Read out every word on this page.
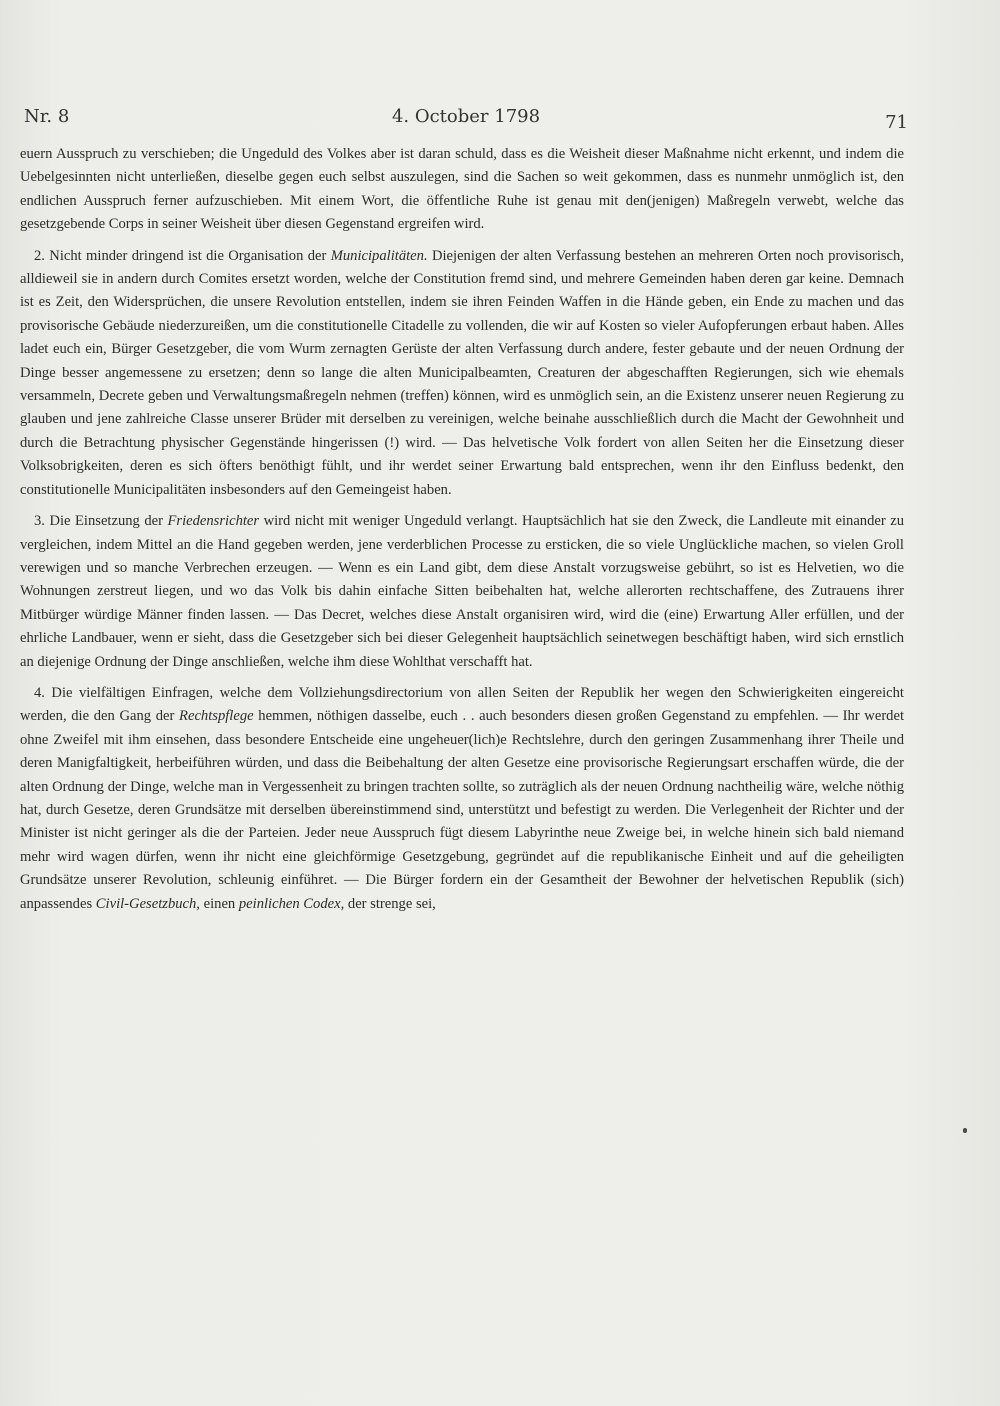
Nr. 8	4. October 1798	71

euern Ausspruch zu verschieben; die Ungeduld des Volkes aber ist daran schuld, dass es die Weisheit dieser Maßnahme nicht erkennt, und indem die Uebelgesinnten nicht unterließen, dieselbe gegen euch selbst auszulegen, sind die Sachen so weit gekommen, dass es nunmehr unmöglich ist, den endlichen Ausspruch ferner aufzuschieben. Mit einem Wort, die öffentliche Ruhe ist genau mit den(jenigen) Maßregeln verwebt, welche das gesetzgebende Corps in seiner Weisheit über diesen Gegenstand ergreifen wird.

2. Nicht minder dringend ist die Organisation der Municipalitäten. Diejenigen der alten Verfassung bestehen an mehreren Orten noch provisorisch, alldieweil sie in andern durch Comites ersetzt worden, welche der Constitution fremd sind, und mehrere Gemeinden haben deren gar keine. Demnach ist es Zeit, den Widersprüchen, die unsere Revolution entstellen, indem sie ihren Feinden Waffen in die Hände geben, ein Ende zu machen und das provisorische Gebäude niederzureißen, um die constitutionelle Citadelle zu vollenden, die wir auf Kosten so vieler Aufopferungen erbaut haben. Alles ladet euch ein, Bürger Gesetzgeber, die vom Wurm zernagten Gerüste der alten Verfassung durch andere, fester gebaute und der neuen Ordnung der Dinge besser angemessene zu ersetzen; denn so lange die alten Municipalbeamten, Creaturen der abgeschafften Regierungen, sich wie ehemals versammeln, Decrete geben und Verwaltungsmaßregeln nehmen (treffen) können, wird es unmöglich sein, an die Existenz unserer neuen Regierung zu glauben und jene zahlreiche Classe unserer Brüder mit derselben zu vereinigen, welche beinahe ausschließlich durch die Macht der Gewohnheit und durch die Betrachtung physischer Gegenstände hingerissen (!) wird. — Das helvetische Volk fordert von allen Seiten her die Einsetzung dieser Volksobrigkeiten, deren es sich öfters benöthigt fühlt, und ihr werdet seiner Erwartung bald entsprechen, wenn ihr den Einfluss bedenkt, den constitutionelle Municipalitäten insbesonders auf den Gemeingeist haben.

3. Die Einsetzung der Friedensrichter wird nicht mit weniger Ungeduld verlangt. Hauptsächlich hat sie den Zweck, die Landleute mit einander zu vergleichen, indem Mittel an die Hand gegeben werden, jene verderblichen Processe zu ersticken, die so viele Unglückliche machen, so vielen Groll verewigen und so manche Verbrechen erzeugen. — Wenn es ein Land gibt, dem diese Anstalt vorzugsweise gebührt, so ist es Helvetien, wo die Wohnungen zerstreut liegen, und wo das Volk bis dahin einfache Sitten beibehalten hat, welche allerorten rechtschaffene, des Zutrauens ihrer Mitbürger würdige Männer finden lassen. — Das Decret, welches diese Anstalt organisiren wird, wird die (eine) Erwartung Aller erfüllen, und der ehrliche Landbauer, wenn er sieht, dass die Gesetzgeber sich bei dieser Gelegenheit hauptsächlich seinetwegen beschäftigt haben, wird sich ernstlich an diejenige Ordnung der Dinge anschließen, welche ihm diese Wohlthat verschafft hat.

4. Die vielfältigen Einfragen, welche dem Vollziehungsdirectorium von allen Seiten der Republik her wegen den Schwierigkeiten eingereicht werden, die den Gang der Rechtspflege hemmen, nöthigen dasselbe, euch . . auch besonders diesen großen Gegenstand zu empfehlen. — Ihr werdet ohne Zweifel mit ihm einsehen, dass besondere Entscheide eine ungeheuer(lich)e Rechtslehre, durch den geringen Zusammenhang ihrer Theile und deren Manigfaltigkeit, herbeiführen würden, und dass die Beibehaltung der alten Gesetze eine provisorische Regierungsart erschaffen würde, die der alten Ordnung der Dinge, welche man in Vergessenheit zu bringen trachten sollte, so zuträglich als der neuen Ordnung nachtheilig wäre, welche nöthig hat, durch Gesetze, deren Grundsätze mit derselben übereinstimmend sind, unterstützt und befestigt zu werden. Die Verlegenheit der Richter und der Minister ist nicht geringer als die der Parteien. Jeder neue Ausspruch fügt diesem Labyrinthe neue Zweige bei, in welche hinein sich bald niemand mehr wird wagen dürfen, wenn ihr nicht eine gleichförmige Gesetzgebung, gegründet auf die republikanische Einheit und auf die geheiligten Grundsätze unserer Revolution, schleunig einführet. — Die Bürger fordern ein der Gesamtheit der Bewohner der helvetischen Republik (sich) anpassendes Civil-Gesetzbuch, einen peinlichen Codex, der strenge sei,
